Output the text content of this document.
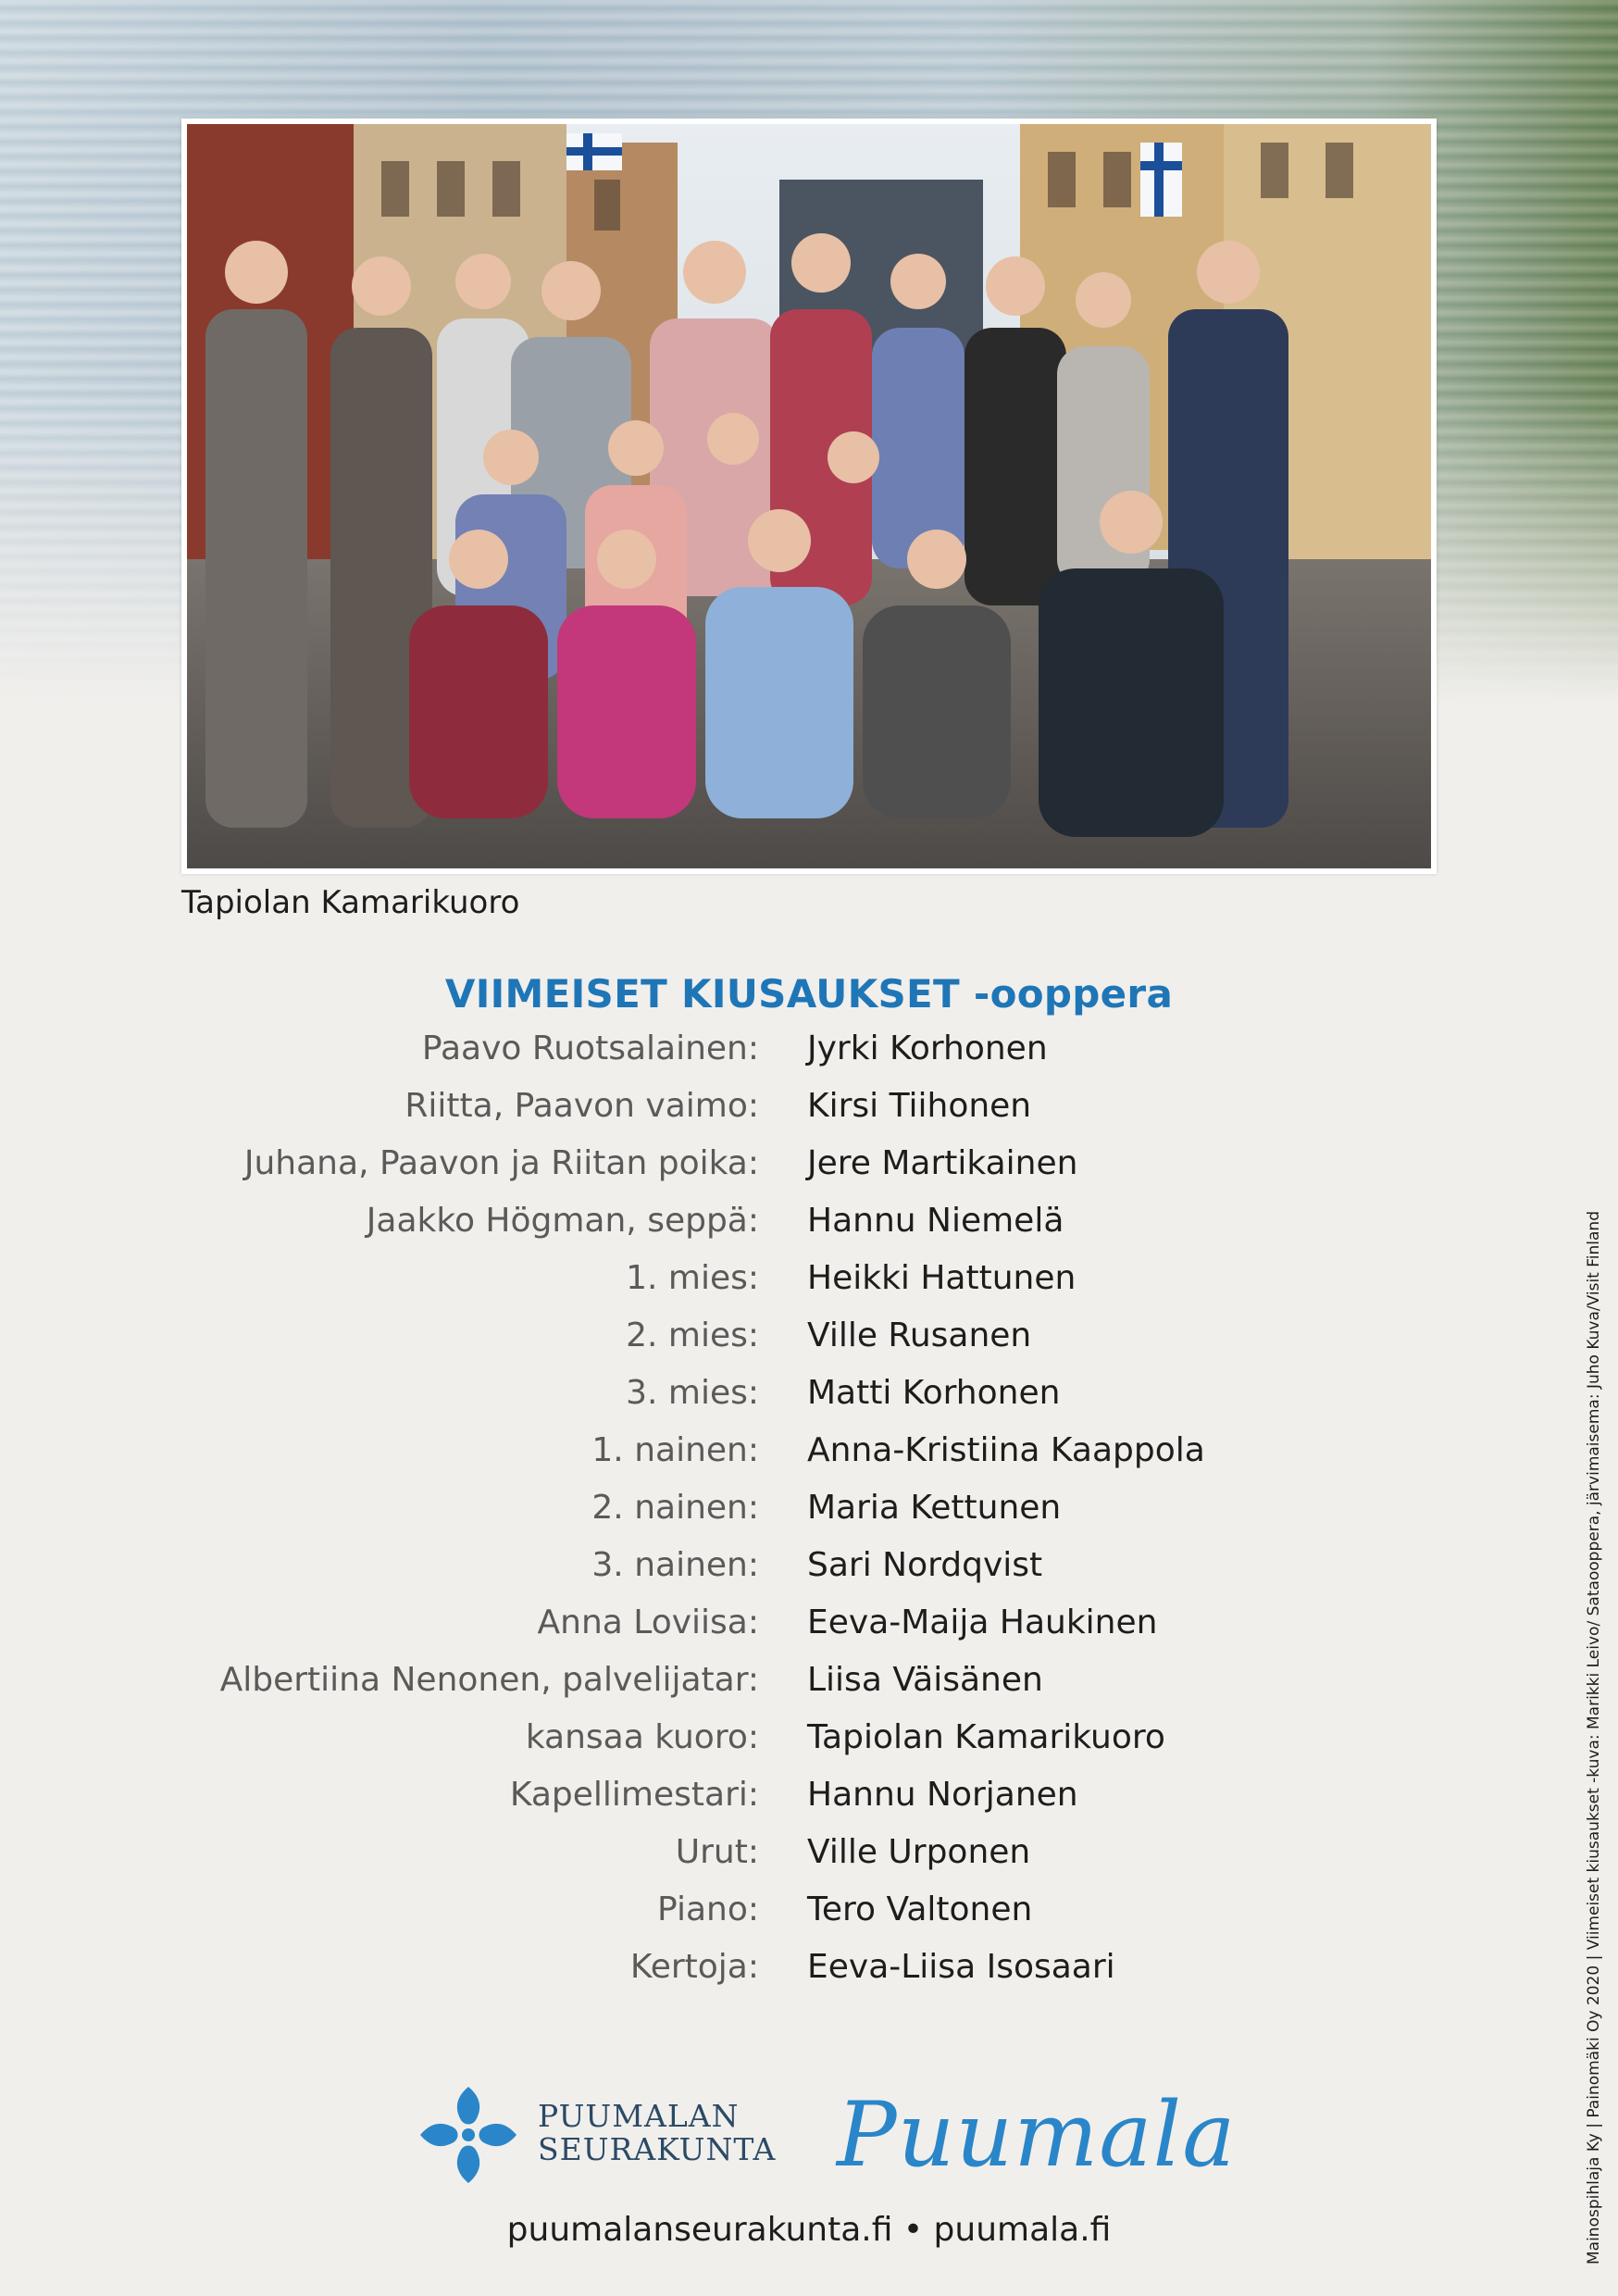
Tapiolan Kamarikuoro
VIIMEISET KIUSAUKSET -ooppera
Paavo Ruotsalainen: Jyrki Korhonen
Riitta, Paavon vaimo: Kirsi Tiihonen
Juhana, Paavon ja Riitan poika: Jere Martikainen
Jaakko Högman, seppä: Hannu Niemelä
1. mies: Heikki Hattunen
2. mies: Ville Rusanen
3. mies: Matti Korhonen
1. nainen: Anna-Kristiina Kaappola
2. nainen: Maria Kettunen
3. nainen: Sari Nordqvist
Anna Loviisa: Eeva-Maija Haukinen
Albertiina Nenonen, palvelijatar: Liisa Väisänen
kansaa kuoro: Tapiolan Kamarikuoro
Kapellimestari: Hannu Norjanen
Urut: Ville Urponen
Piano: Tero Valtonen
Kertoja: Eeva-Liisa Isosaari
PUUMALAN
SEURAKUNTA Puumala
puumalanseurakunta.fi • puumala.fi	Mainospihlaja Ky | Painomäki Oy 2020 | Viimeiset kiusaukset -kuva: Marikki Leivo/ Sataooppera, järvimaisema: Juho Kuva/Visit Finland
